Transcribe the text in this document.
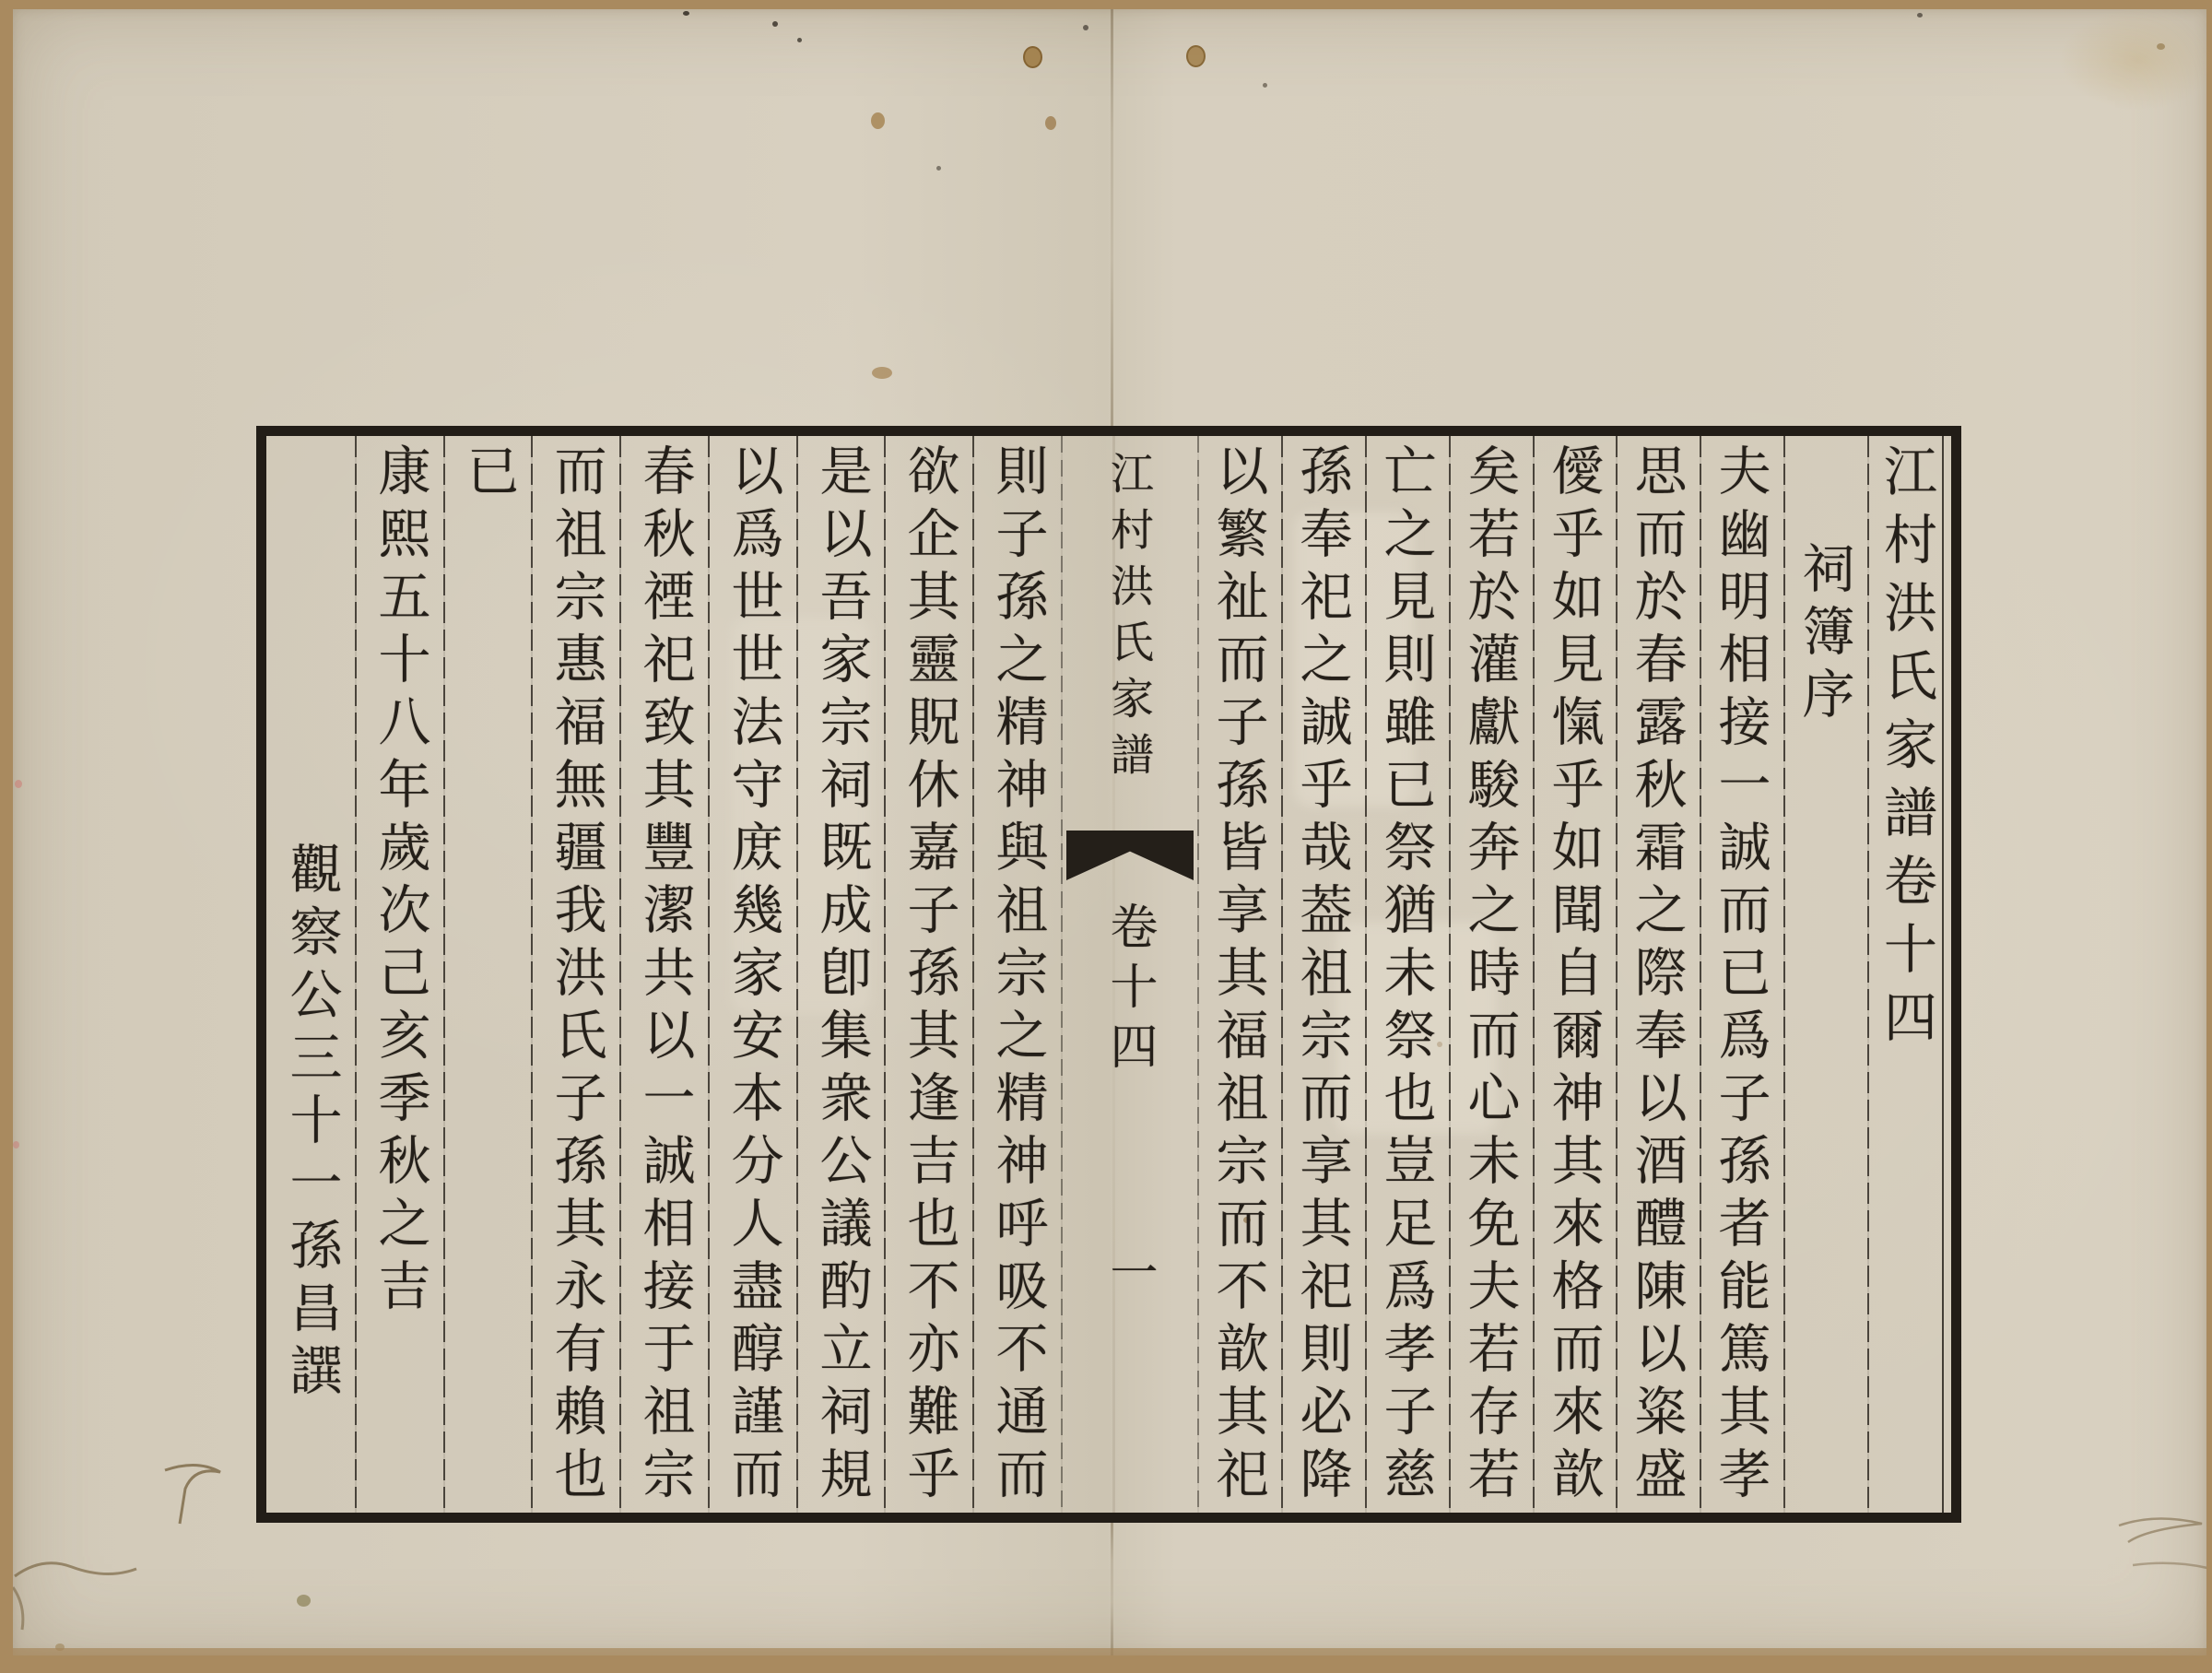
江村洪氏家譜卷十四
祠簿序
夫幽明相接一誠而已爲子孫者能篤其孝
思而於春露秋霜之際奉以酒醴陳以粢盛
僾乎如見愾乎如聞自爾神其來格而來歆
矣若於灌獻駿奔之時而心未免夫若存若
亡之見則雖已祭猶未祭也豈足爲孝子慈
孫奉祀之誠乎哉葢祖宗而享其祀則必降
以繁祉而子孫皆享其福祖宗而不歆其祀
江村洪氏家譜
卷十四
一
則子孫之精神與祖宗之精神呼吸不通而
欲企其靈貺休嘉子孫其逢吉也不亦難乎
是以吾家宗祠既成卽集衆公議酌立祠規
以爲世世法守庻幾家安本分人盡醇謹而
春秋禋祀致其豐潔共以一誠相接于祖宗
而祖宗惠福無疆我洪氏子孫其永有賴也
已
康熙五十八年歲次己亥季秋之吉
觀察公三十一孫昌譔
